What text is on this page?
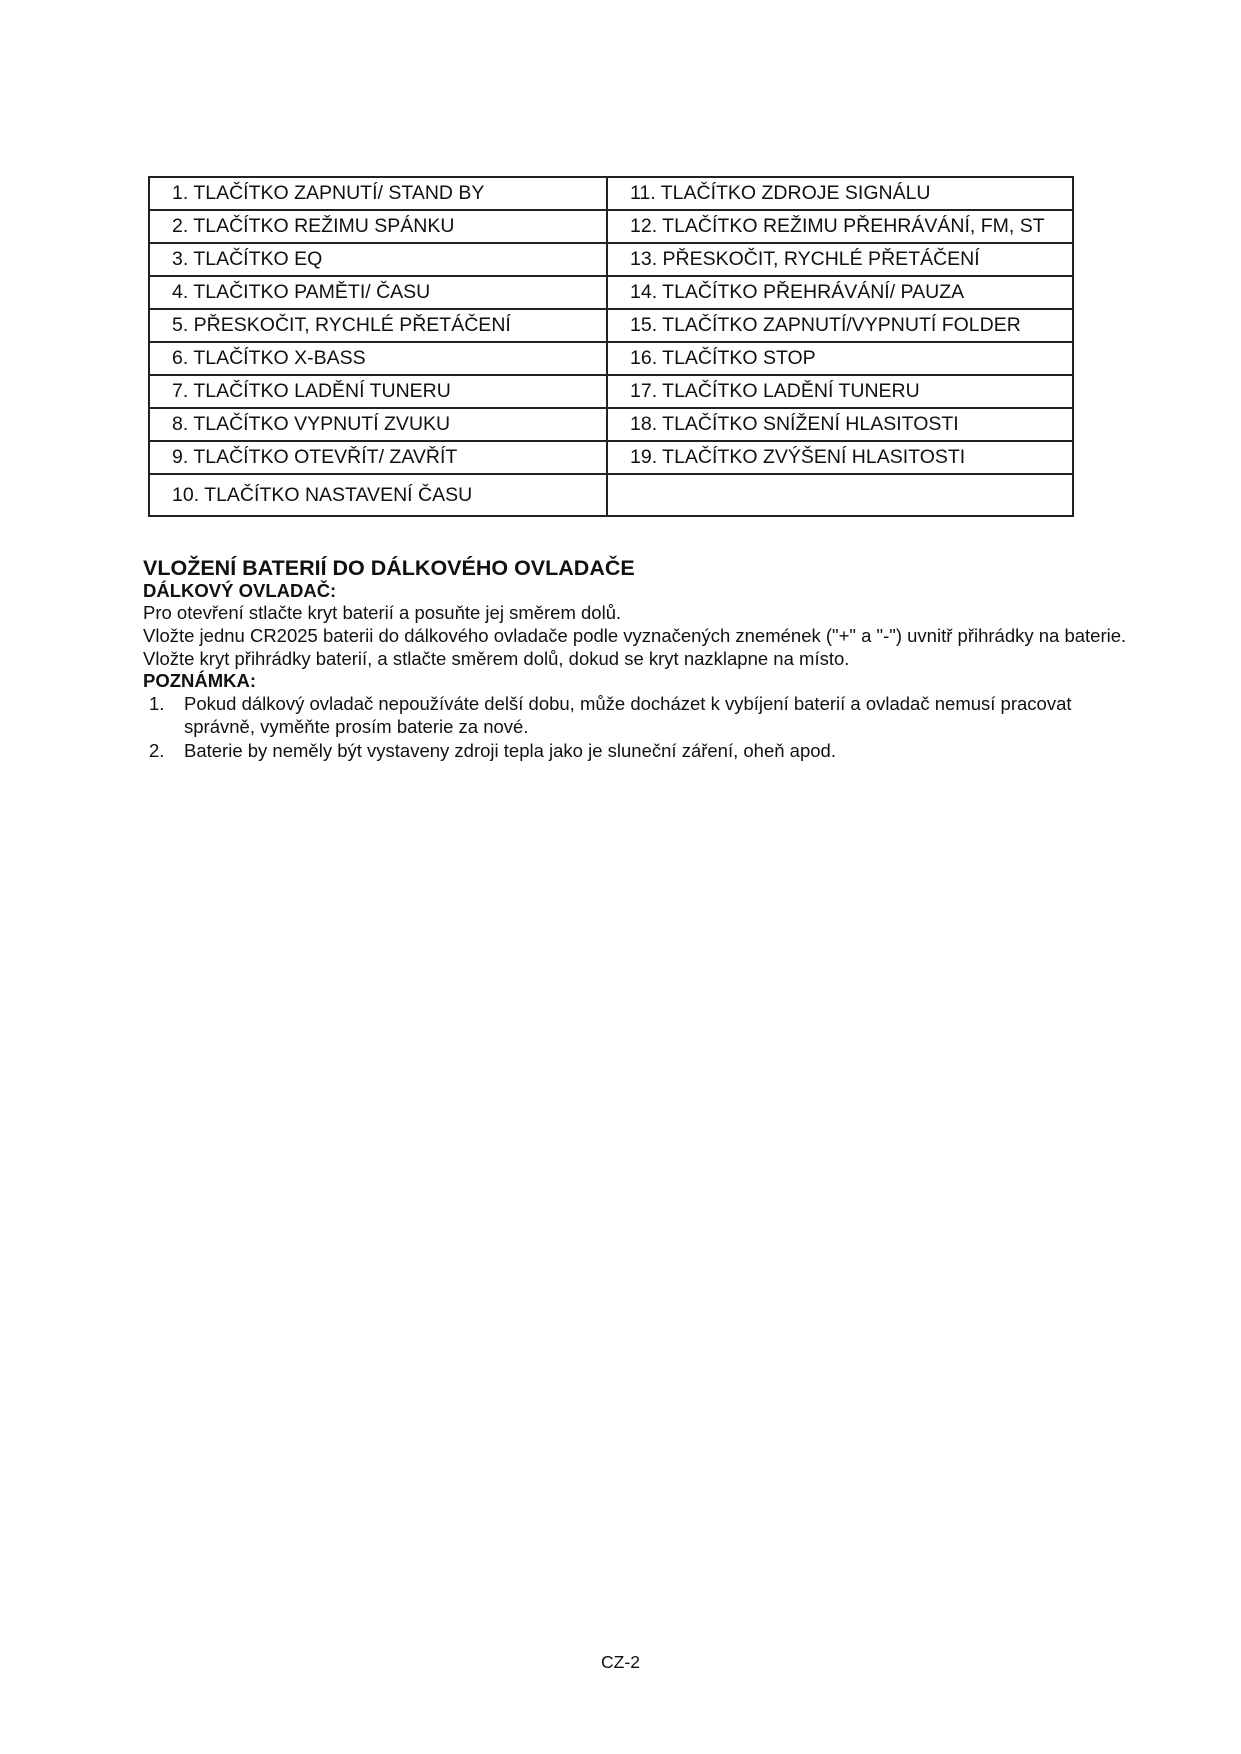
1. TLAČÍTKO ZAPNUTÍ/ STAND BY	11. TLAČÍTKO ZDROJE SIGNÁLU
2. TLAČÍTKO REŽIMU SPÁNKU	12. TLAČÍTKO REŽIMU PŘEHRÁVÁNÍ, FM, ST
3. TLAČÍTKO EQ	13. PŘESKOČIT, RYCHLÉ PŘETÁČENÍ
4. TLAČITKO PAMĚTI/ ČASU	14. TLAČÍTKO PŘEHRÁVÁNÍ/ PAUZA
5. PŘESKOČIT, RYCHLÉ PŘETÁČENÍ	15. TLAČÍTKO ZAPNUTÍ/VYPNUTÍ FOLDER
6. TLAČÍTKO X-BASS	16. TLAČÍTKO STOP
7. TLAČÍTKO LADĚNÍ TUNERU	17. TLAČÍTKO LADĚNÍ TUNERU
8. TLAČÍTKO VYPNUTÍ ZVUKU	18. TLAČÍTKO SNÍŽENÍ HLASITOSTI
9. TLAČÍTKO OTEVŘÍT/ ZAVŘÍT	19. TLAČÍTKO ZVÝŠENÍ HLASITOSTI
10. TLAČÍTKO NASTAVENÍ ČASU	

VLOŽENÍ BATERIÍ DO DÁLKOVÉHO OVLADAČE

DÁLKOVÝ OVLADAČ:

Pro otevření stlačte kryt baterií a posuňte jej směrem dolů.

Vložte jednu CR2025 baterii do dálkového ovladače podle vyznačených znemének ("+" a "-") uvnitř přihrádky na baterie.

Vložte kryt přihrádky baterií, a stlačte směrem dolů, dokud se kryt nazklapne na místo.

POZNÁMKA:

1. Pokud dálkový ovladač nepoužíváte delší dobu, může docházet k vybíjení baterií a ovladač nemusí pracovat správně, vyměňte prosím baterie za nové.
2. Baterie by neměly být vystaveny zdroji tepla jako je sluneční záření, oheň apod.
CZ-2
